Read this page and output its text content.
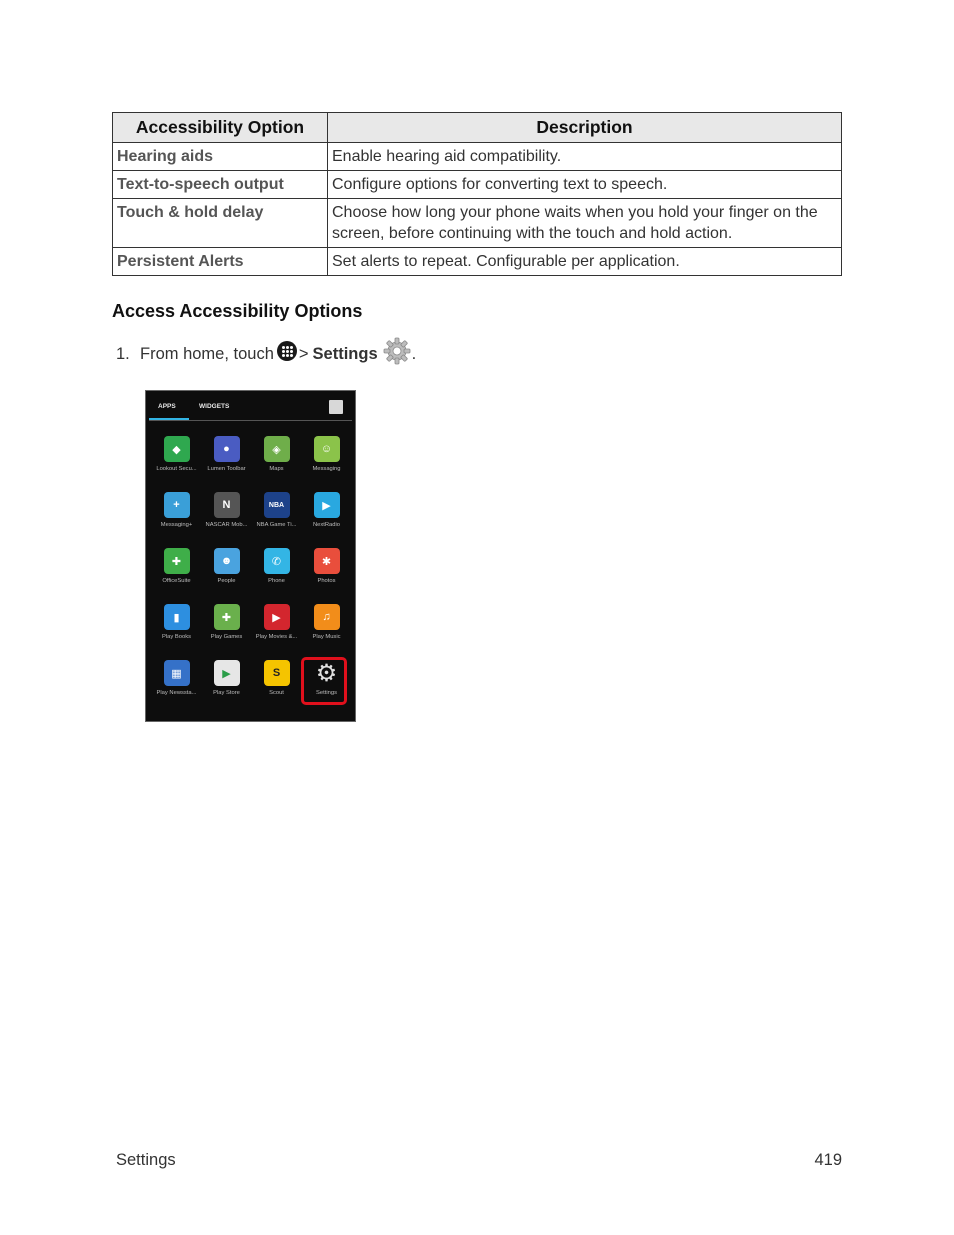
Accessibility Option	Description
Hearing aids	Enable hearing aid compatibility.
Text-to-speech output	Configure options for converting text to speech.
Touch & hold delay	Choose how long your phone waits when you hold your finger on the screen, before continuing with the touch and hold action.
Persistent Alerts	Set alerts to repeat. Configurable per application.
Access Accessibility Options
1. From home, touch > Settings .
APPS	WIDGETS
◆
Lookout Secu...
●
Lumen Toolbar
◈
Maps
☺
Messaging
+
Messaging+
N
NASCAR Mob...
NBA
NBA Game Ti...
▶
NextRadio
✚
OfficeSuite
☻
People
✆
Phone
✱
Photos
▮
Play Books
✚
Play Games
▶
Play Movies &...
♫
Play Music
▦
Play Newssta...
▶
Play Store
S
Scout
⚙
Settings
Settings	419
